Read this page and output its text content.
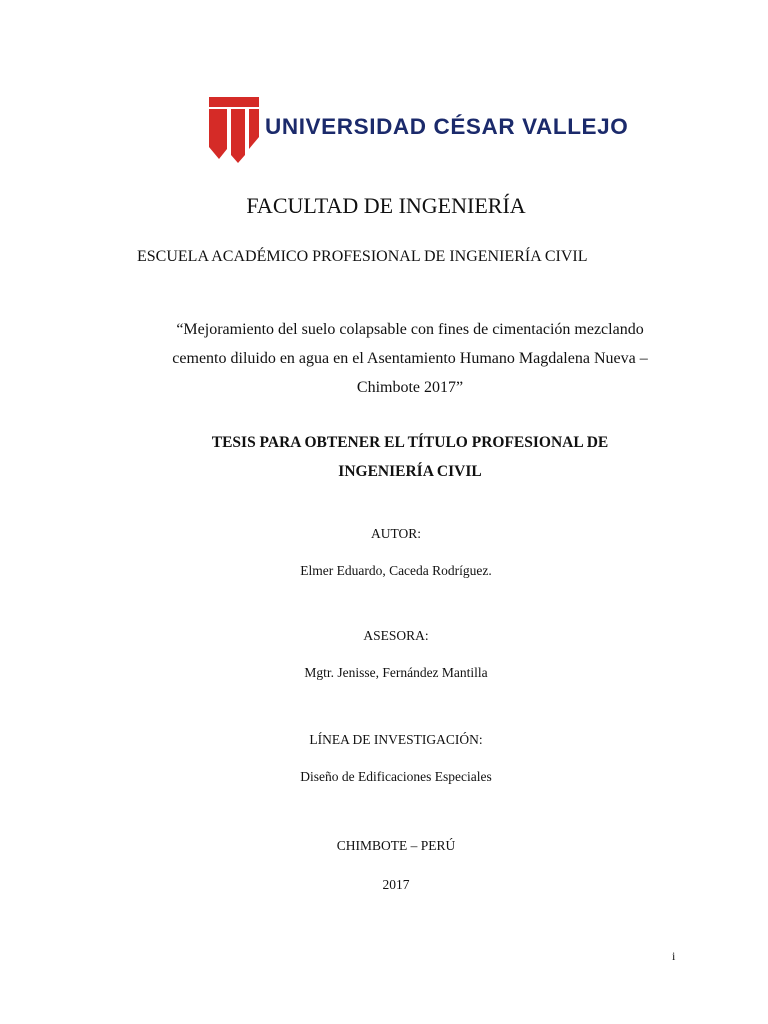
UNIVERSIDAD CÉSAR VALLEJO
FACULTAD DE INGENIERÍA
ESCUELA ACADÉMICO PROFESIONAL DE INGENIERÍA CIVIL
“Mejoramiento del suelo colapsable con fines de cimentación mezclando
cemento diluido en agua en el Asentamiento Humano Magdalena Nueva –
Chimbote 2017”
TESIS PARA OBTENER EL TÍTULO PROFESIONAL DE
INGENIERÍA CIVIL
AUTOR:
Elmer Eduardo, Caceda Rodríguez.
ASESORA:
Mgtr. Jenisse, Fernández Mantilla
LÍNEA DE INVESTIGACIÓN:
Diseño de Edificaciones Especiales
CHIMBOTE – PERÚ
2017
i
